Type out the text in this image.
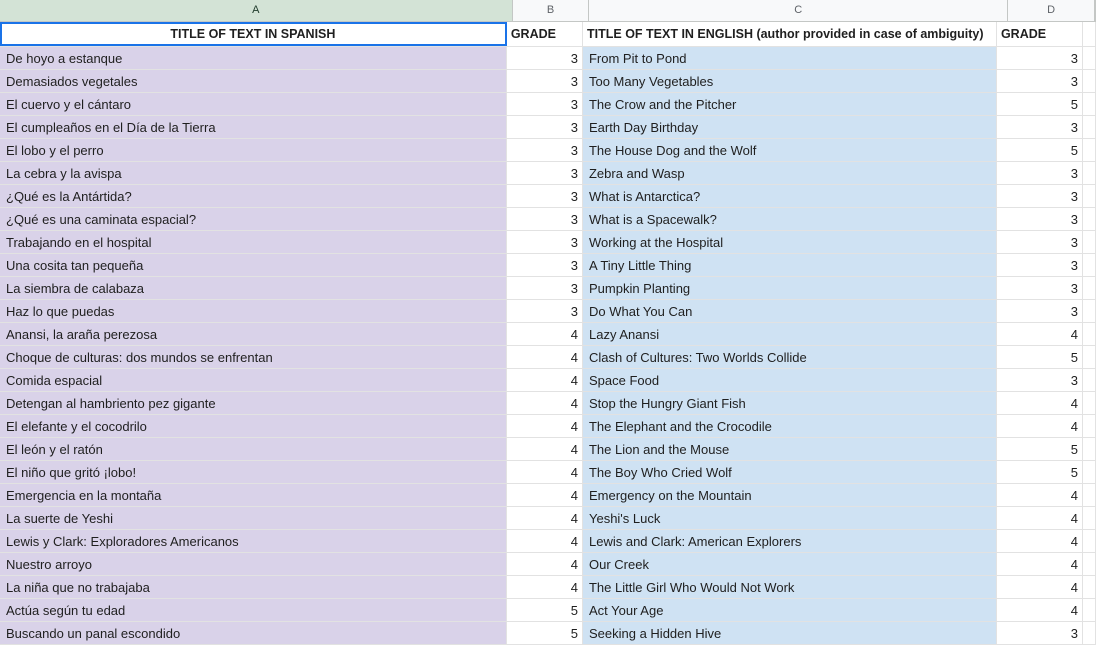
A	B	C	D
TITLE OF TEXT IN SPANISH	GRADE	TITLE OF TEXT IN ENGLISH (author provided in case of ambiguity)	GRADE
De hoyo a estanque	3 From Pit to Pond	3
Demasiados vegetales	3 Too Many Vegetables	3
El cuervo y el cántaro	3 The Crow and the Pitcher	5
El cumpleaños en el Día de la Tierra	3 Earth Day Birthday	3
El lobo y el perro	3 The House Dog and the Wolf	5
La cebra y la avispa	3 Zebra and Wasp	3
¿Qué es la Antártida?	3 What is Antarctica?	3
¿Qué es una caminata espacial?	3 What is a Spacewalk?	3
Trabajando en el hospital	3 Working at the Hospital	3
Una cosita tan pequeña	3 A Tiny Little Thing	3
La siembra de calabaza	3 Pumpkin Planting	3
Haz lo que puedas	3 Do What You Can	3
Anansi, la araña perezosa	4 Lazy Anansi	4
Choque de culturas: dos mundos se enfrentan	4 Clash of Cultures: Two Worlds Collide	5
Comida espacial	4 Space Food	3
Detengan al hambriento pez gigante	4 Stop the Hungry Giant Fish	4
El elefante y el cocodrilo	4 The Elephant and the Crocodile	4
El león y el ratón	4 The Lion and the Mouse	5
El niño que gritó ¡lobo!	4 The Boy Who Cried Wolf	5
Emergencia en la montaña	4 Emergency on the Mountain	4
La suerte de Yeshi	4 Yeshi's Luck	4
Lewis y Clark: Exploradores Americanos	4 Lewis and Clark: American Explorers	4
Nuestro arroyo	4 Our Creek	4
La niña que no trabajaba	4 The Little Girl Who Would Not Work	4
Actúa según tu edad	5 Act Your Age	4
Buscando un panal escondido	5 Seeking a Hidden Hive	3
